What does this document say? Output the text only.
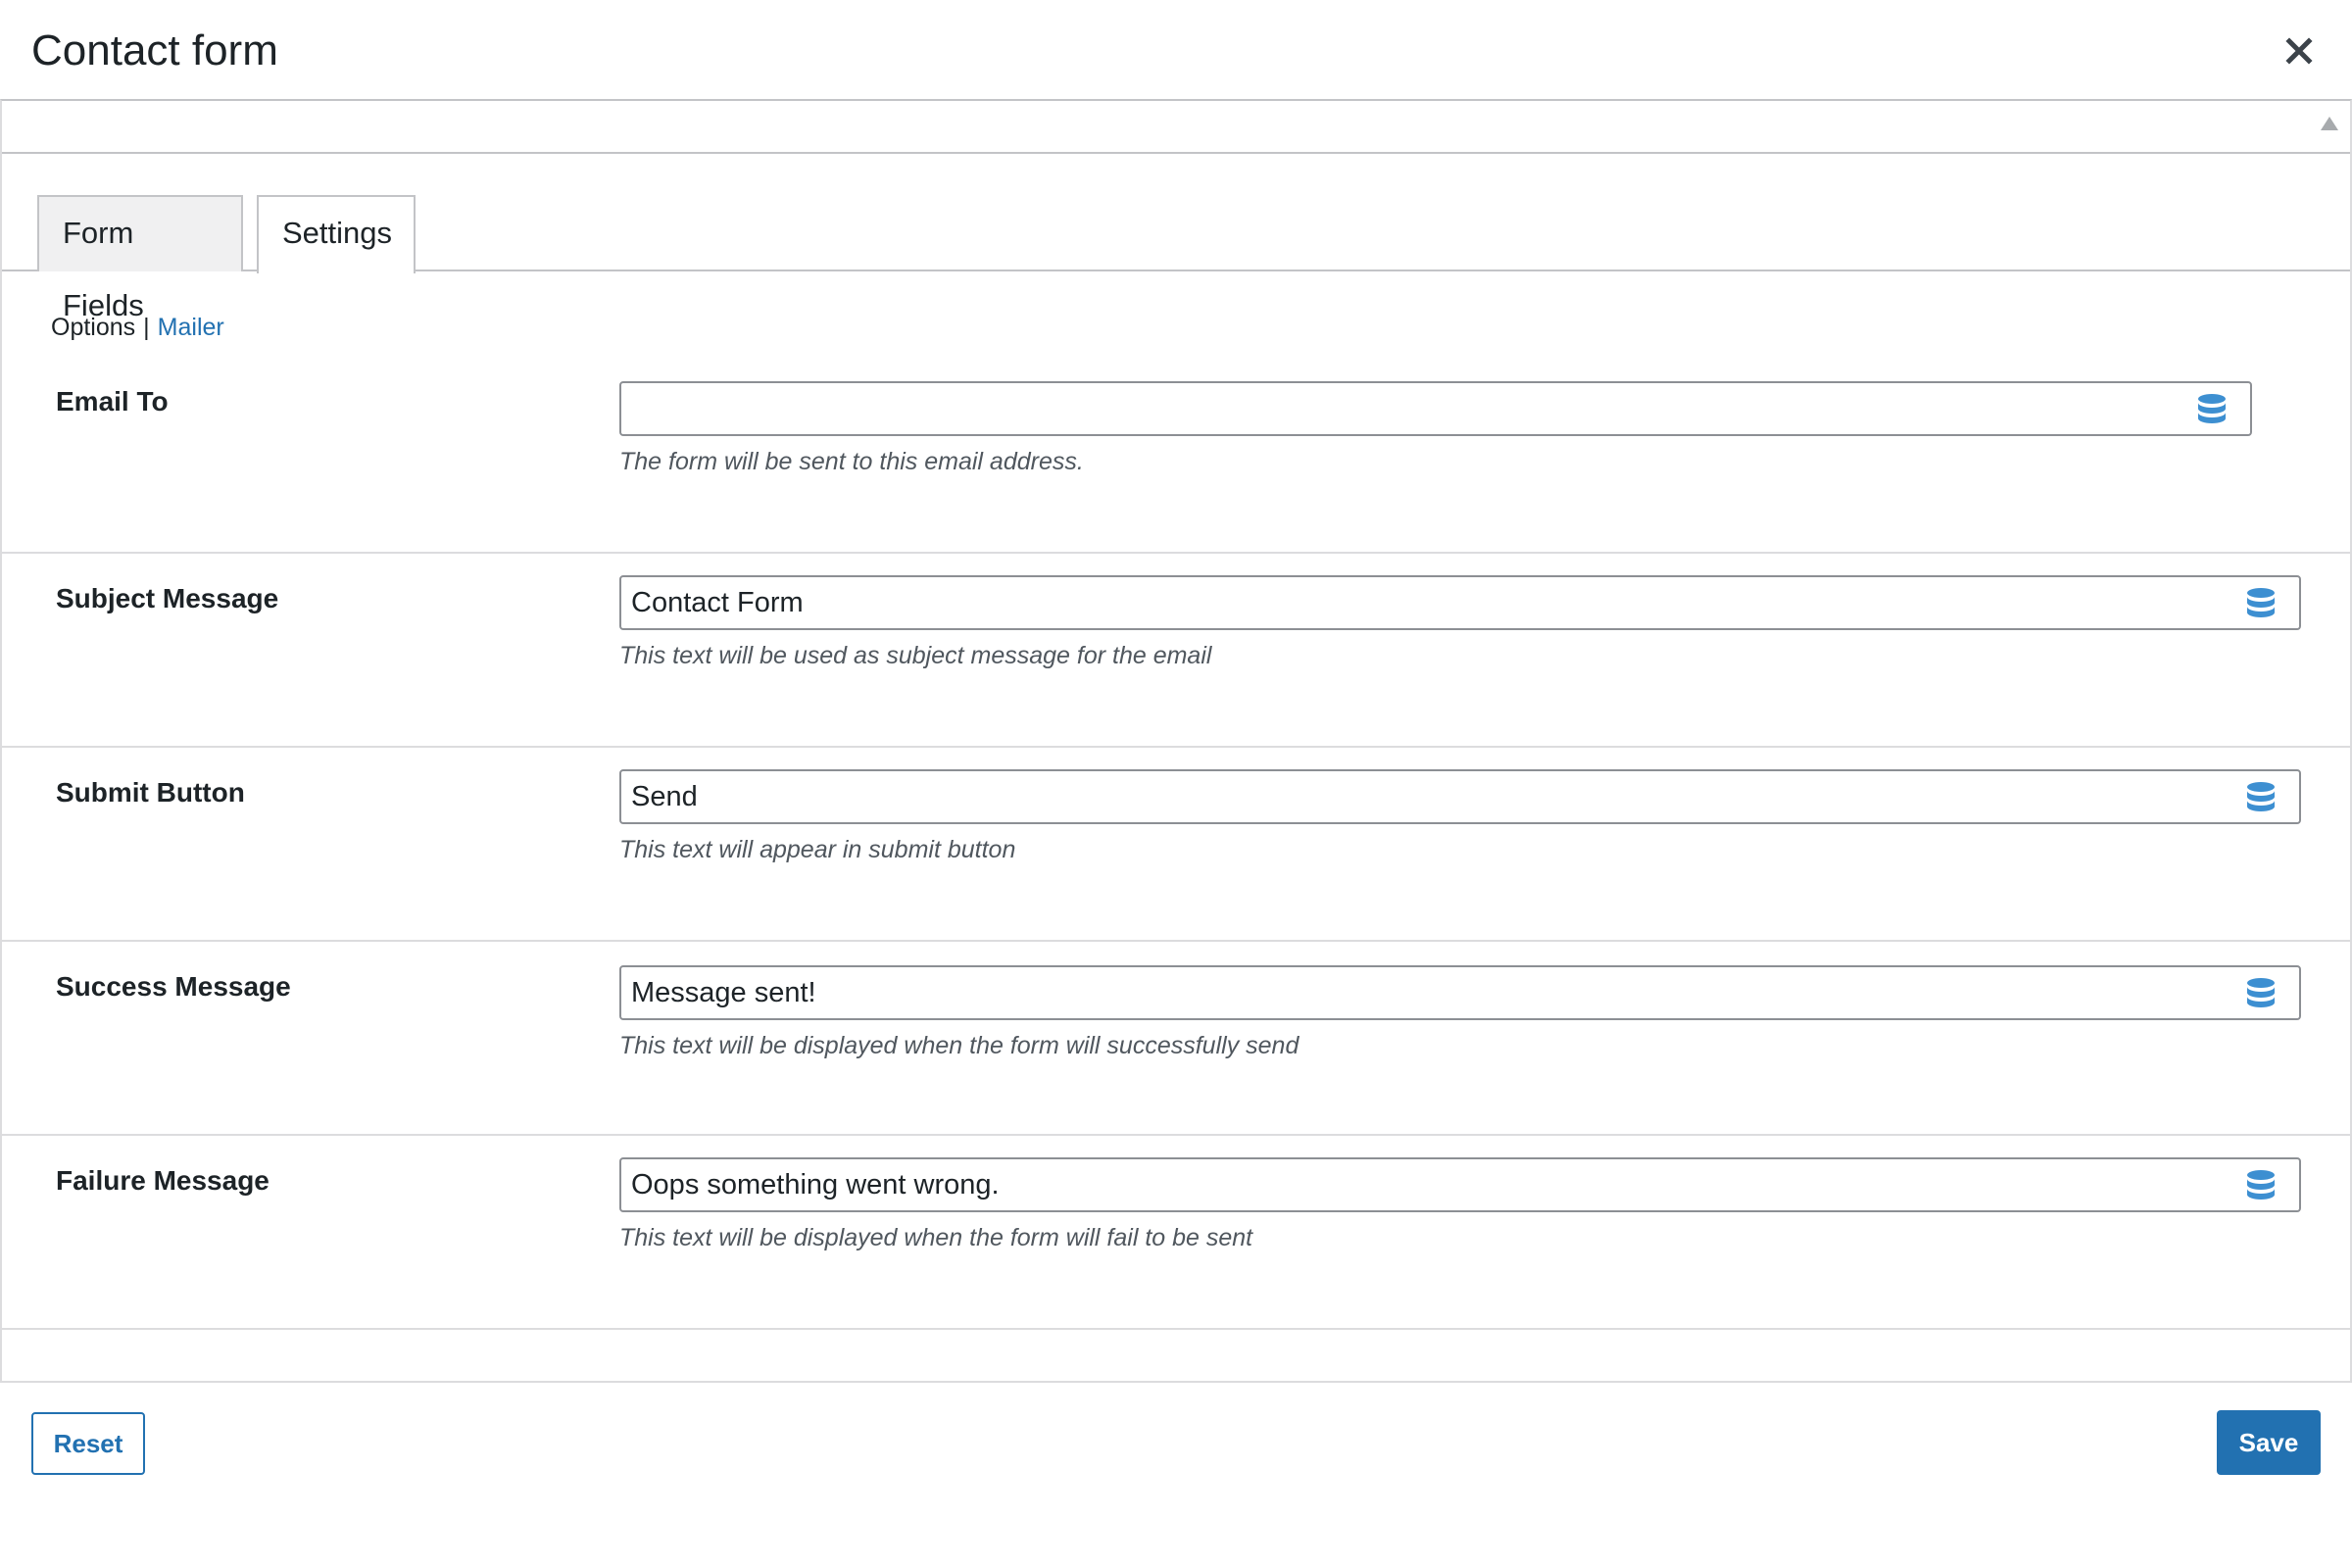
Contact form
Form Fields
Settings
Options | Mailer
Email To
The form will be sent to this email address.
Subject Message
Contact Form
This text will be used as subject message for the email
Submit Button
Send
This text will appear in submit button
Success Message
Message sent!
This text will be displayed when the form will successfully send
Failure Message
Oops something went wrong.
This text will be displayed when the form will fail to be sent
Reset	Save
